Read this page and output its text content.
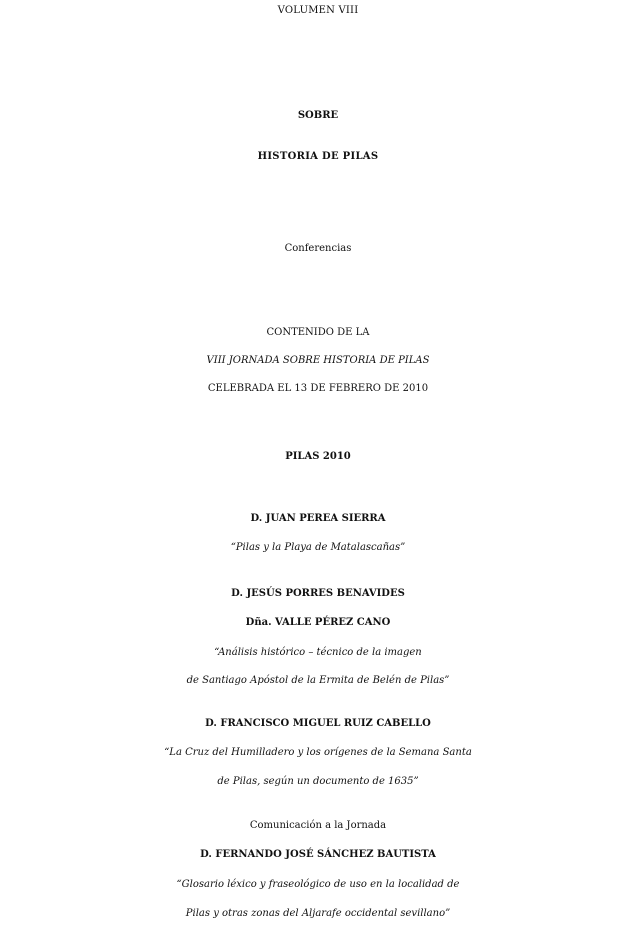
VOLUMEN VIII
SOBRE
HISTORIA DE PILAS
Conferencias
CONTENIDO DE LA
VIII JORNADA SOBRE HISTORIA DE PILAS
CELEBRADA EL 13 DE FEBRERO DE 2010
PILAS 2010
D. JUAN PEREA SIERRA
“Pilas y la Playa de Matalascañas”
D. JESÚS PORRES BENAVIDES
Dña. VALLE PÉREZ CANO
“Análisis histórico – técnico de la imagen
de Santiago Apóstol de la Ermita de Belén de Pilas”
D. FRANCISCO MIGUEL RUIZ CABELLO
“La Cruz del Humilladero y los orígenes de la Semana Santa
de Pilas, según un documento de 1635”
Comunicación a la Jornada
D. FERNANDO JOSÉ SÁNCHEZ BAUTISTA
“Glosario léxico y fraseológico de uso en la localidad de
Pilas y otras zonas del Aljarafe occidental sevillano”
